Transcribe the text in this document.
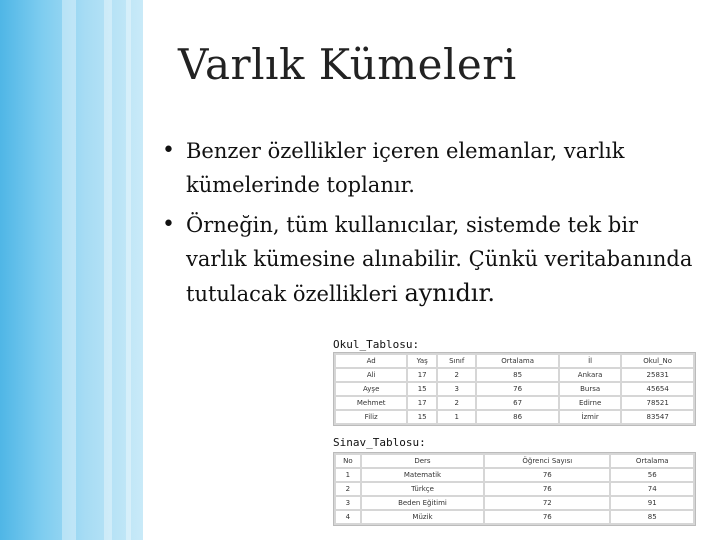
Varlık Kümeleri
• Benzer özellikler içeren elemanlar, varlık kümelerinde toplanır.
• Örneğin, tüm kullanıcılar, sistemde tek bir varlık kümesine alınabilir. Çünkü veritabanında tutulacak özellikleri aynıdır.
Okul_Tablosu:
Ad	Yaş	Sınıf	Ortalama	İl	Okul_No
Ali	17	2	85	Ankara	25831
Ayşe	15	3	76	Bursa	45654
Mehmet	17	2	67	Edirne	78521
Filiz	15	1	86	İzmir	83547
Sinav_Tablosu:
No	Ders	Öğrenci Sayısı	Ortalama
1	Matematik	76	56
2	Türkçe	76	74
3	Beden Eğitimi	72	91
4	Müzik	76	85
